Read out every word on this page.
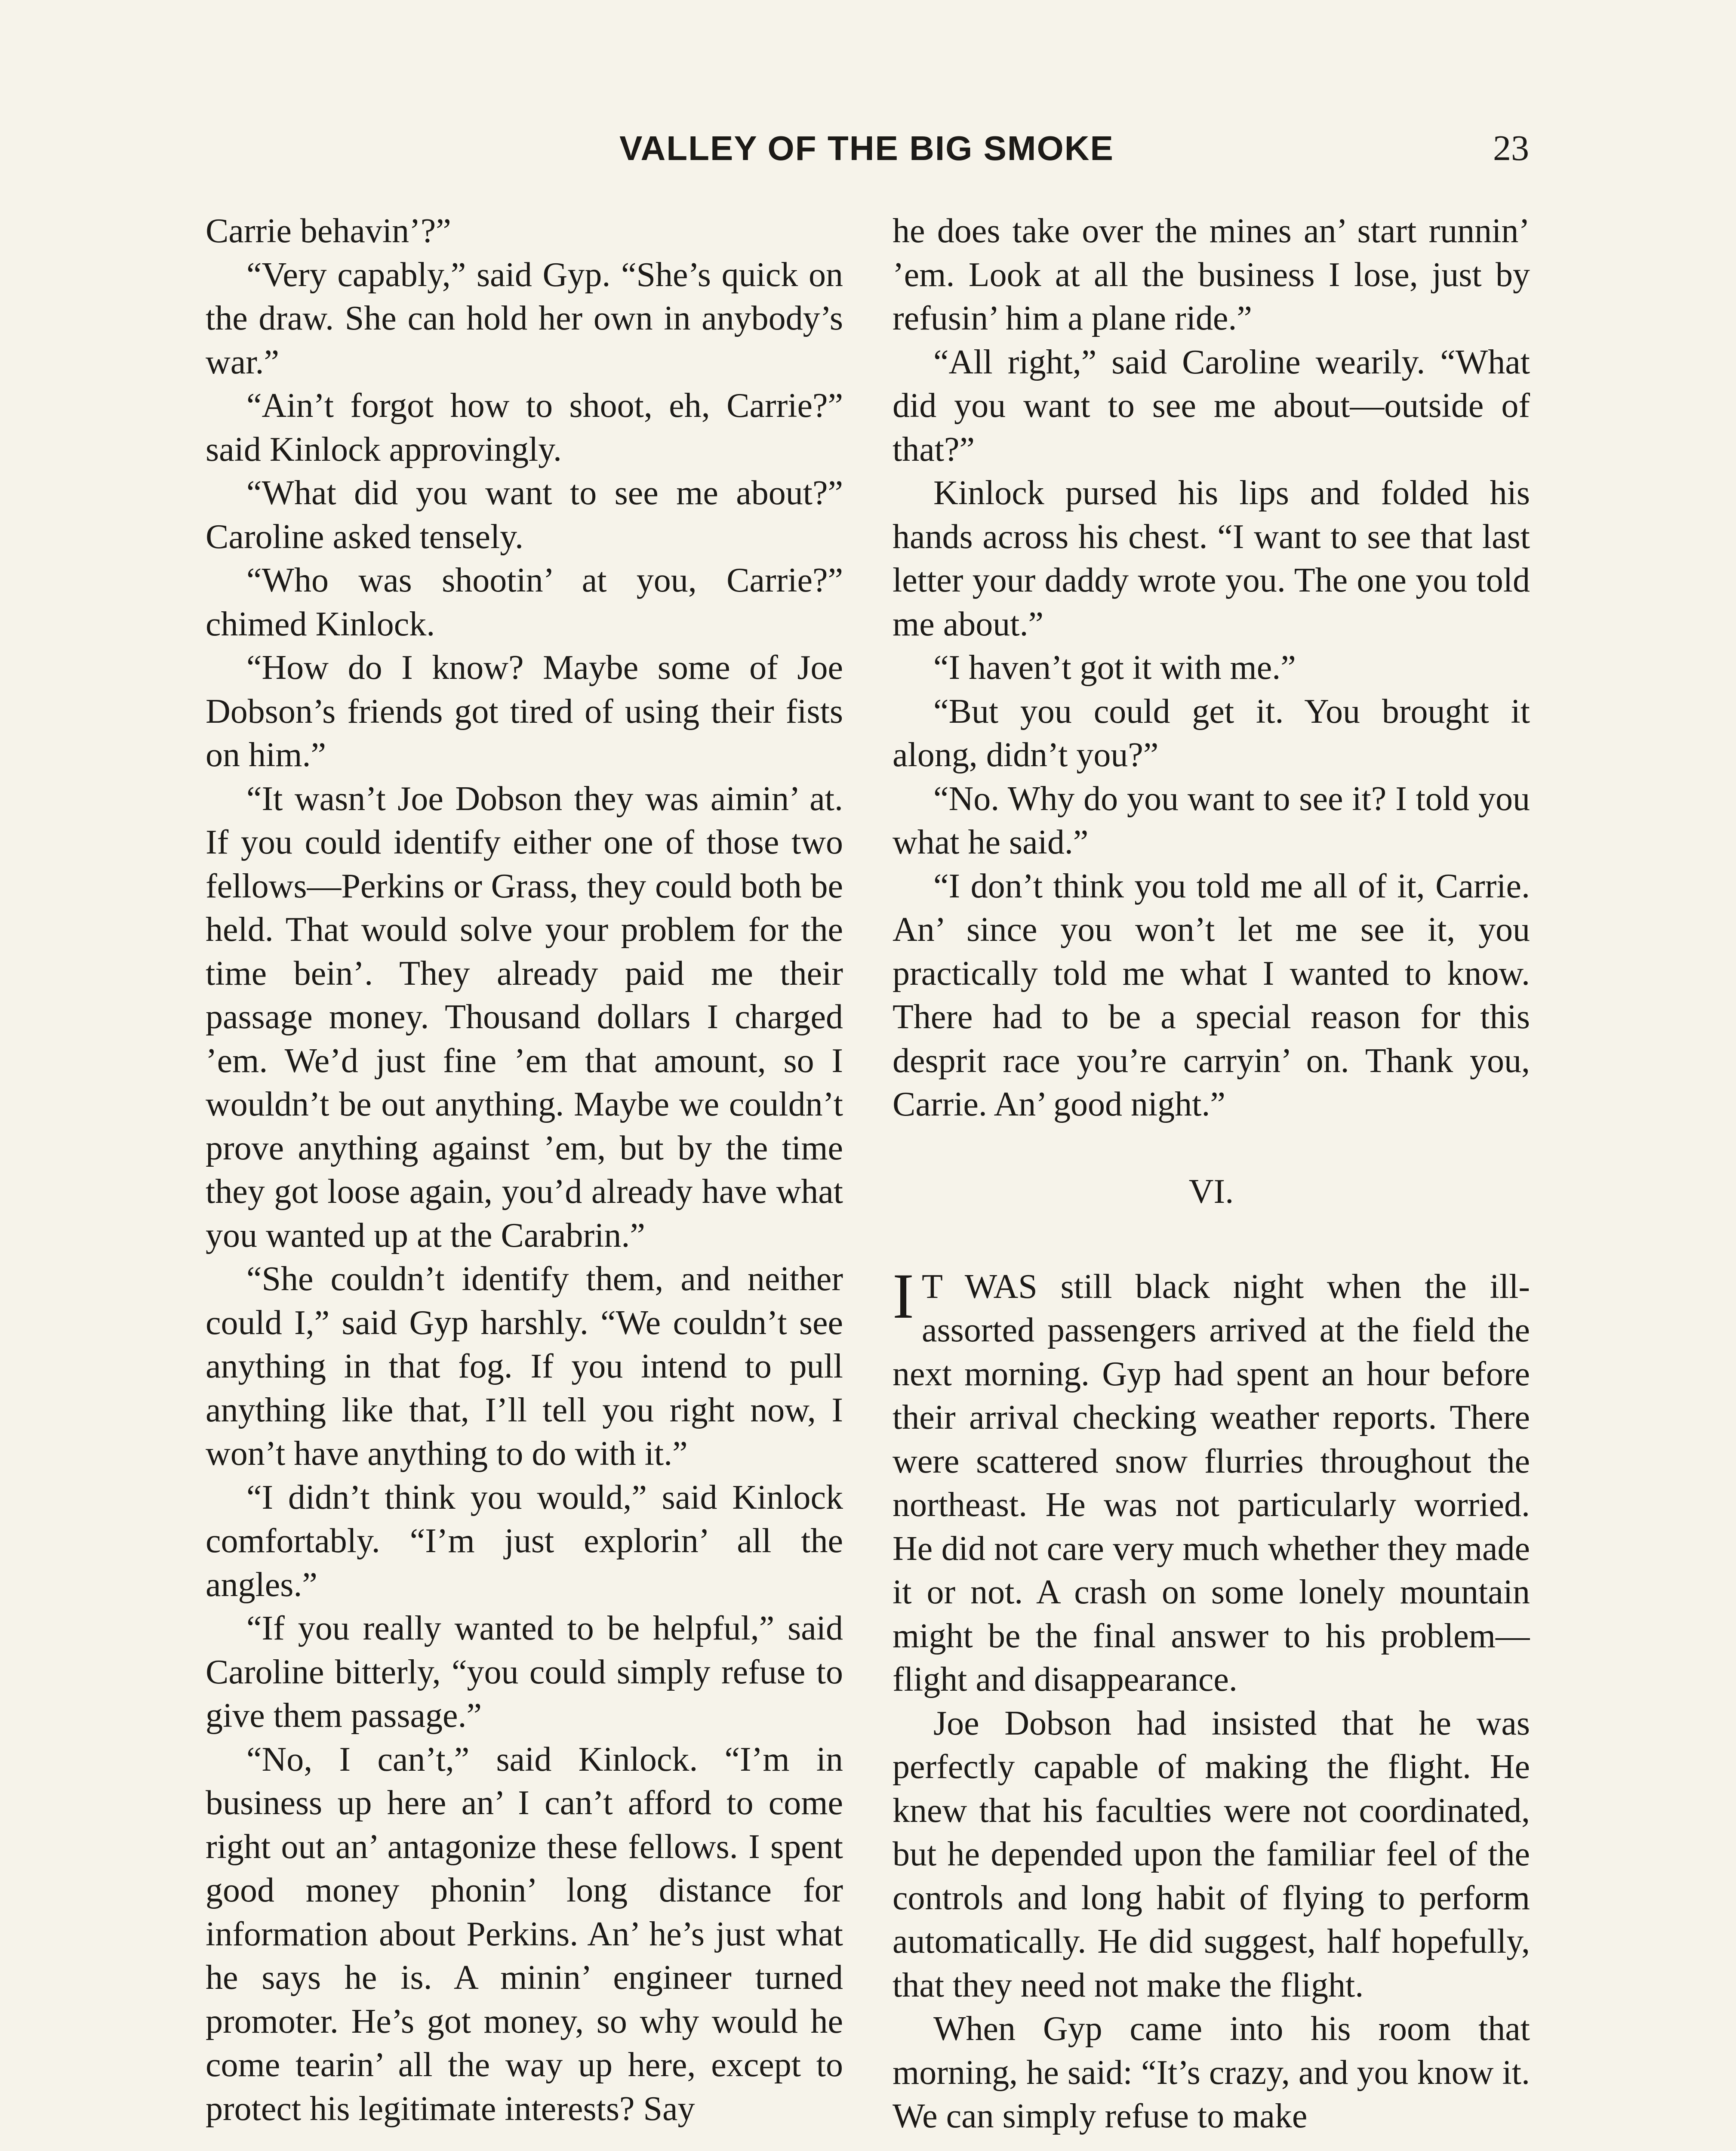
VALLEY OF THE BIG SMOKE	23

Carrie behavin’?”

“Very capably,” said Gyp. “She’s quick on the draw. She can hold her own in anybody’s war.”

“Ain’t forgot how to shoot, eh, Carrie?” said Kinlock approvingly.

“What did you want to see me about?” Caroline asked tensely.

“Who was shootin’ at you, Carrie?” chimed Kinlock.

“How do I know? Maybe some of Joe Dobson’s friends got tired of using their fists on him.”

“It wasn’t Joe Dobson they was aimin’ at. If you could identify either one of those two fellows—Perkins or Grass, they could both be held. That would solve your problem for the time bein’. They already paid me their passage money. Thousand dollars I charged ’em. We’d just fine ’em that amount, so I wouldn’t be out anything. Maybe we couldn’t prove anything against ’em, but by the time they got loose again, you’d already have what you wanted up at the Carabrin.”

“She couldn’t identify them, and neither could I,” said Gyp harshly. “We couldn’t see anything in that fog. If you intend to pull anything like that, I’ll tell you right now, I won’t have anything to do with it.”

“I didn’t think you would,” said Kinlock comfortably. “I’m just explorin’ all the angles.”

“If you really wanted to be helpful,” said Caroline bitterly, “you could simply refuse to give them passage.”

“No, I can’t,” said Kinlock. “I’m in business up here an’ I can’t afford to come right out an’ antagonize these fellows. I spent good money phonin’ long distance for information about Perkins. An’ he’s just what he says he is. A minin’ engineer turned promoter. He’s got money, so why would he come tearin’ all the way up here, except to protect his legitimate interests? Say

he does take over the mines an’ start runnin’ ’em. Look at all the business I lose, just by refusin’ him a plane ride.”

“All right,” said Caroline wearily. “What did you want to see me about—outside of that?”

Kinlock pursed his lips and folded his hands across his chest. “I want to see that last letter your daddy wrote you. The one you told me about.”

“I haven’t got it with me.”

“But you could get it. You brought it along, didn’t you?”

“No. Why do you want to see it? I told you what he said.”

“I don’t think you told me all of it, Carrie. An’ since you won’t let me see it, you practically told me what I wanted to know. There had to be a special reason for this desprit race you’re carryin’ on. Thank you, Carrie. An’ good night.”

VI.

I T WAS still black night when the ill-assorted passengers arrived at the field the next morning. Gyp had spent an hour before their arrival checking weather reports. There were scattered snow flurries throughout the northeast. He was not particularly worried. He did not care very much whether they made it or not. A crash on some lonely mountain might be the final answer to his problem—flight and disappearance.

Joe Dobson had insisted that he was perfectly capable of making the flight. He knew that his faculties were not coordinated, but he depended upon the familiar feel of the controls and long habit of flying to perform automatically. He did suggest, half hopefully, that they need not make the flight.

When Gyp came into his room that morning, he said: “It’s crazy, and you know it. We can simply refuse to make
